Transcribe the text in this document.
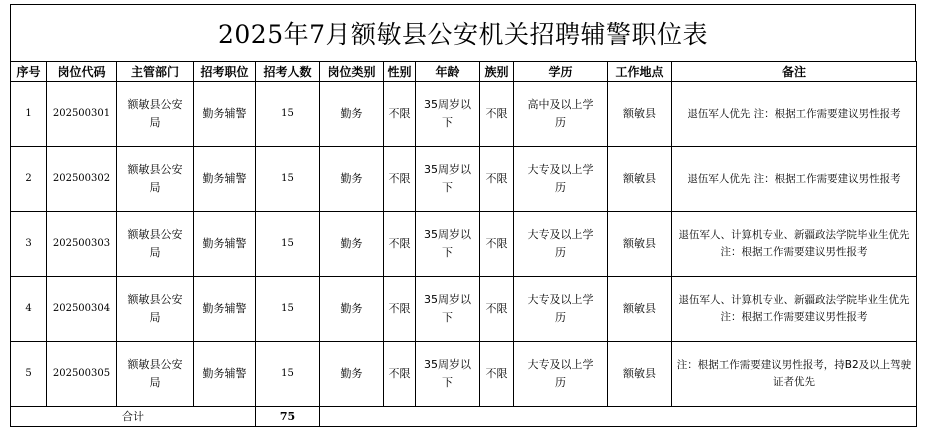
2025年7月额敏县公安机关招聘辅警职位表
序号	岗位代码	主管部门	招考职位	招考人数	岗位类别	性别	年龄	族别	学历	工作地点	备注
1	202500301	额敏县公安局	勤务辅警	15	勤务	不限	35周岁以下	不限	高中及以上学历	额敏县	退伍军人优先 注：根据工作需要建议男性报考
2	202500302	额敏县公安局	勤务辅警	15	勤务	不限	35周岁以下	不限	大专及以上学历	额敏县	退伍军人优先 注：根据工作需要建议男性报考
3	202500303	额敏县公安局	勤务辅警	15	勤务	不限	35周岁以下	不限	大专及以上学历	额敏县	退伍军人、计算机专业、新疆政法学院毕业生优先 注：根据工作需要建议男性报考
4	202500304	额敏县公安局	勤务辅警	15	勤务	不限	35周岁以下	不限	大专及以上学历	额敏县	退伍军人、计算机专业、新疆政法学院毕业生优先 注：根据工作需要建议男性报考
5	202500305	额敏县公安局	勤务辅警	15	勤务	不限	35周岁以下	不限	大专及以上学历	额敏县	注：根据工作需要建议男性报考，持B2及以上驾驶证者优先
合计				75							
